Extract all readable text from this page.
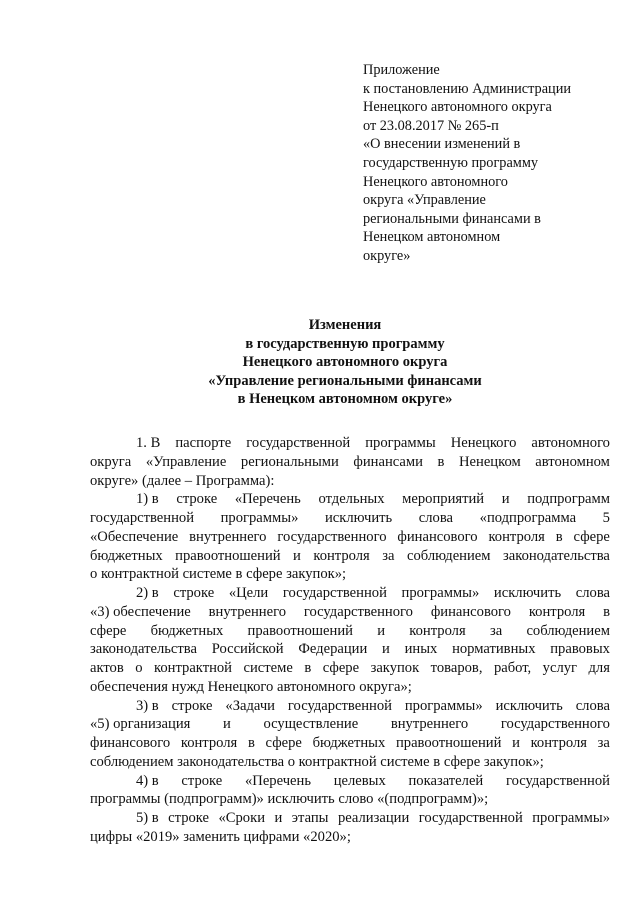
Приложение
к постановлению Администрации
Ненецкого автономного округа
от 23.08.2017 № 265-п
«О внесении изменений в
государственную программу
Ненецкого автономного
округа «Управление
региональными финансами в
Ненецком автономном
округе»
Изменения
в государственную программу
Ненецкого автономного округа
«Управление региональными финансами
в Ненецком автономном округе»
1. В паспорте государственной программы Ненецкого автономного
округа «Управление региональными финансами в Ненецком автономном
округе» (далее – Программа):
1) в строке «Перечень отдельных мероприятий и подпрограмм
государственной программы» исключить слова «подпрограмма 5
«Обеспечение внутреннего государственного финансового контроля в сфере
бюджетных правоотношений и контроля за соблюдением законодательства
о контрактной системе в сфере закупок»;
2) в строке «Цели государственной программы» исключить слова
«3) обеспечение внутреннего государственного финансового контроля в
сфере бюджетных правоотношений и контроля за соблюдением
законодательства Российской Федерации и иных нормативных правовых
актов о контрактной системе в сфере закупок товаров, работ, услуг для
обеспечения нужд Ненецкого автономного округа»;
3) в строке «Задачи государственной программы» исключить слова
«5) организация и осуществление внутреннего государственного
финансового контроля в сфере бюджетных правоотношений и контроля за
соблюдением законодательства о контрактной системе в сфере закупок»;
4) в строке «Перечень целевых показателей государственной
программы (подпрограмм)» исключить слово «(подпрограмм)»;
5) в строке «Сроки и этапы реализации государственной программы»
цифры «2019» заменить цифрами «2020»;
